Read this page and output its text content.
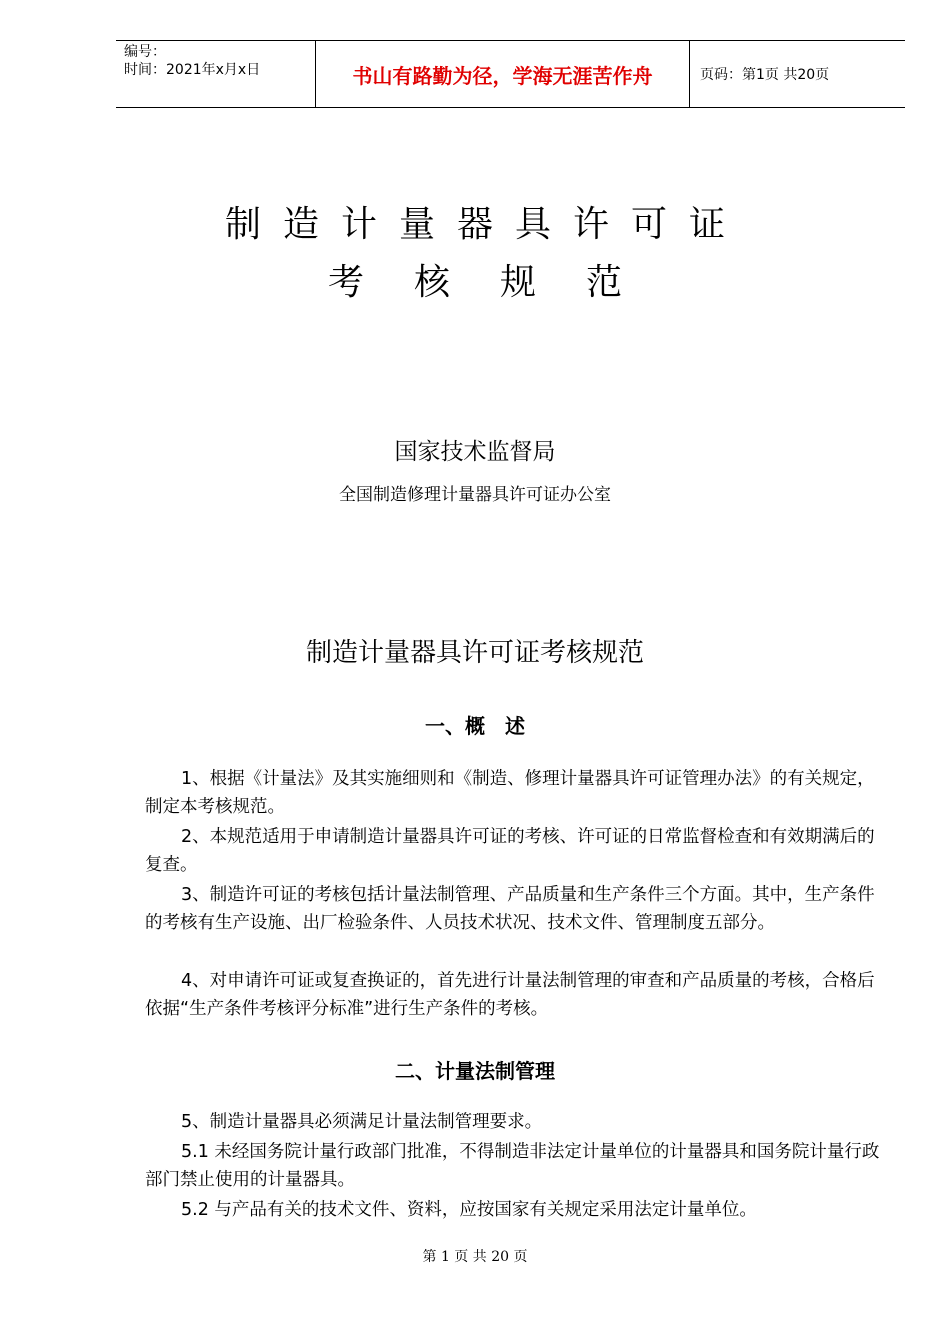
编号：
时间：2021年x月x日	书山有路勤为径，学海无涯苦作舟	页码：第1页 共20页
制造计量器具许可证
考核规范
国家技术监督局
全国制造修理计量器具许可证办公室
制造计量器具许可证考核规范
一、概　述
1、根据《计量法》及其实施细则和《制造、修理计量器具许可证管理办法》的有关规定，制定本考核规范。
2、本规范适用于申请制造计量器具许可证的考核、许可证的日常监督检查和有效期满后的复查。
3、制造许可证的考核包括计量法制管理、产品质量和生产条件三个方面。其中，生产条件的考核有生产设施、出厂检验条件、人员技术状况、技术文件、管理制度五部分。
4、对申请许可证或复查换证的，首先进行计量法制管理的审查和产品质量的考核，合格后依据“生产条件考核评分标准”进行生产条件的考核。
二、计量法制管理
5、制造计量器具必须满足计量法制管理要求。
5.1 未经国务院计量行政部门批准，不得制造非法定计量单位的计量器具和国务院计量行政部门禁止使用的计量器具。
5.2 与产品有关的技术文件、资料，应按国家有关规定采用法定计量单位。
第 1 页 共 20 页
